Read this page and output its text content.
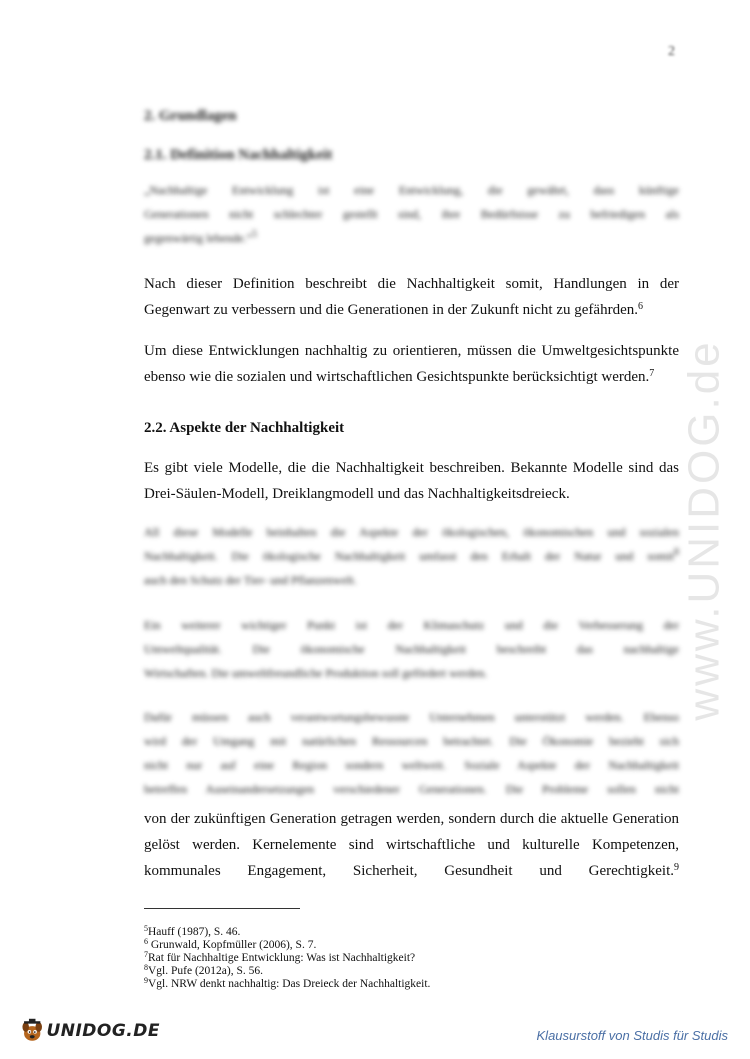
www.UNIDOG.de
2
2. Grundlagen
2.1. Definition Nachhaltigkeit
„Nachhaltige Entwicklung ist eine Entwicklung, die gewährt, dass künftige
Generationen nicht schlechter gestellt sind, ihre Bedürfnisse zu befriedigen als
gegenwärtig lebende.“$^5$
Nach dieser Definition beschreibt die Nachhaltigkeit somit, Handlungen in der
Gegenwart zu verbessern und die Generationen in der Zukunft nicht zu gefährden.$^6$
Um diese Entwicklungen nachhaltig zu orientieren, müssen die Umweltgesichtspunkte
ebenso wie die sozialen und wirtschaftlichen Gesichtspunkte berücksichtigt werden.$^7$
2.2. Aspekte der Nachhaltigkeit
Es gibt viele Modelle, die die Nachhaltigkeit beschreiben. Bekannte Modelle sind das
Drei-Säulen-Modell, Dreiklangmodell und das Nachhaltigkeitsdreieck.
All diese Modelle beinhalten die Aspekte der ökologischen, ökonomischen und sozialen
Nachhaltigkeit. Die ökologische Nachhaltigkeit umfasst den Erhalt der Natur und somit$^8$
auch den Schutz der Tier- und Pflanzenwelt.
Ein weiterer wichtiger Punkt ist der Klimaschutz und die Verbesserung der
Umweltqualität. Die ökonomische Nachhaltigkeit beschreibt das nachhaltige
Wirtschaften. Die umweltfreundliche Produktion soll gefördert werden.
Dafür müssen auch verantwortungsbewusste Unternehmen unterstützt werden. Ebenso
wird der Umgang mit natürlichen Ressourcen betrachtet. Die Ökonomie bezieht sich
nicht nur auf eine Region sondern weltweit. Soziale Aspekte der Nachhaltigkeit
betreffen Auseinandersetzungen verschiedener Generationen. Die Probleme sollen nicht
von der zukünftigen Generation getragen werden, sondern durch die aktuelle Generation
gelöst werden. Kernelemente sind wirtschaftliche und kulturelle Kompetenzen,
kommunales Engagement, Sicherheit, Gesundheit und Gerechtigkeit.$^9$
$^5$Hauff (1987), S. 46.
$^6$ Grunwald, Kopfmüller (2006), S. 7.
$^7$Rat für Nachhaltige Entwicklung: Was ist Nachhaltigkeit?
$^8$Vgl. Pufe (2012a), S. 56.
$^9$Vgl. NRW denkt nachhaltig: Das Dreieck der Nachhaltigkeit.
UNIDOG.DE	Klausurstoff von Studis für Studis
